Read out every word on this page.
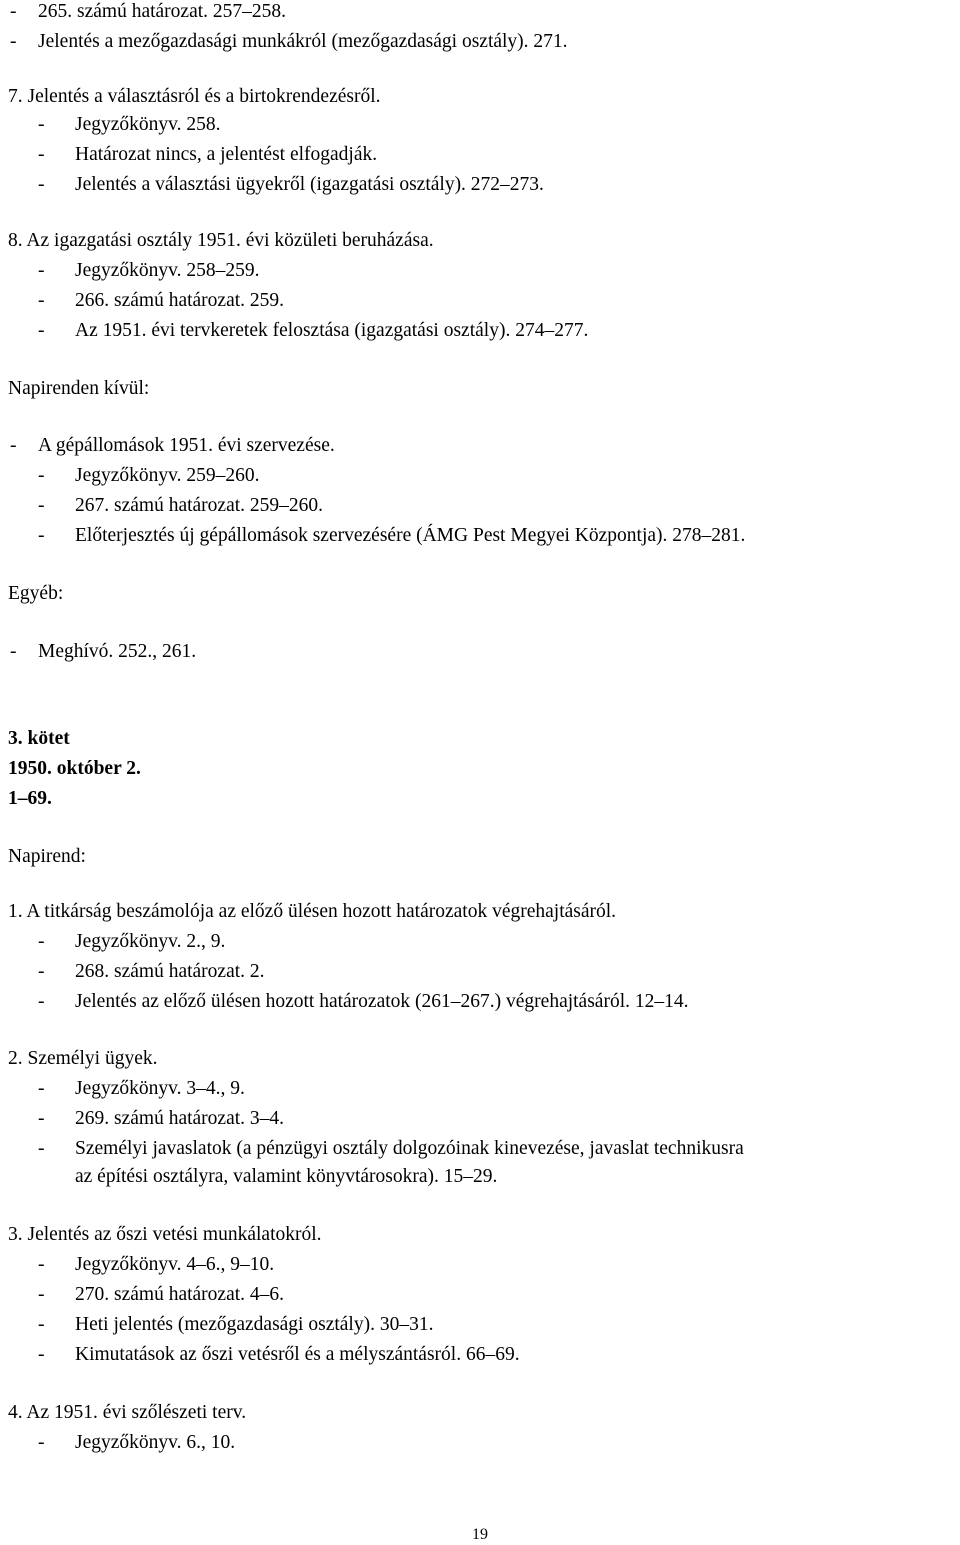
- 265. számú határozat. 257–258.
- Jelentés a mezőgazdasági munkákról (mezőgazdasági osztály). 271.
7. Jelentés a választásról és a birtokrendezésről.
- Jegyzőkönyv. 258.
- Határozat nincs, a jelentést elfogadják.
- Jelentés a választási ügyekről (igazgatási osztály). 272–273.
8. Az igazgatási osztály 1951. évi közületi beruházása.
- Jegyzőkönyv. 258–259.
- 266. számú határozat. 259.
- Az 1951. évi tervkeretek felosztása (igazgatási osztály). 274–277.
Napirenden kívül:
- A gépállomások 1951. évi szervezése.
- Jegyzőkönyv. 259–260.
- 267. számú határozat. 259–260.
- Előterjesztés új gépállomások szervezésére (ÁMG Pest Megyei Központja). 278–281.
Egyéb:
- Meghívó. 252., 261.
3. kötet
1950. október 2.
1–69.
Napirend:
1. A titkárság beszámolója az előző ülésen hozott határozatok végrehajtásáról.
- Jegyzőkönyv. 2., 9.
- 268. számú határozat. 2.
- Jelentés az előző ülésen hozott határozatok (261–267.) végrehajtásáról. 12–14.
2. Személyi ügyek.
- Jegyzőkönyv. 3–4., 9.
- 269. számú határozat. 3–4.
- Személyi javaslatok (a pénzügyi osztály dolgozóinak kinevezése, javaslat technikusra
az építési osztályra, valamint könyvtárosokra). 15–29.
3. Jelentés az őszi vetési munkálatokról.
- Jegyzőkönyv. 4–6., 9–10.
- 270. számú határozat. 4–6.
- Heti jelentés (mezőgazdasági osztály). 30–31.
- Kimutatások az őszi vetésről és a mélyszántásról. 66–69.
4. Az 1951. évi szőlészeti terv.
- Jegyzőkönyv. 6., 10.
19
